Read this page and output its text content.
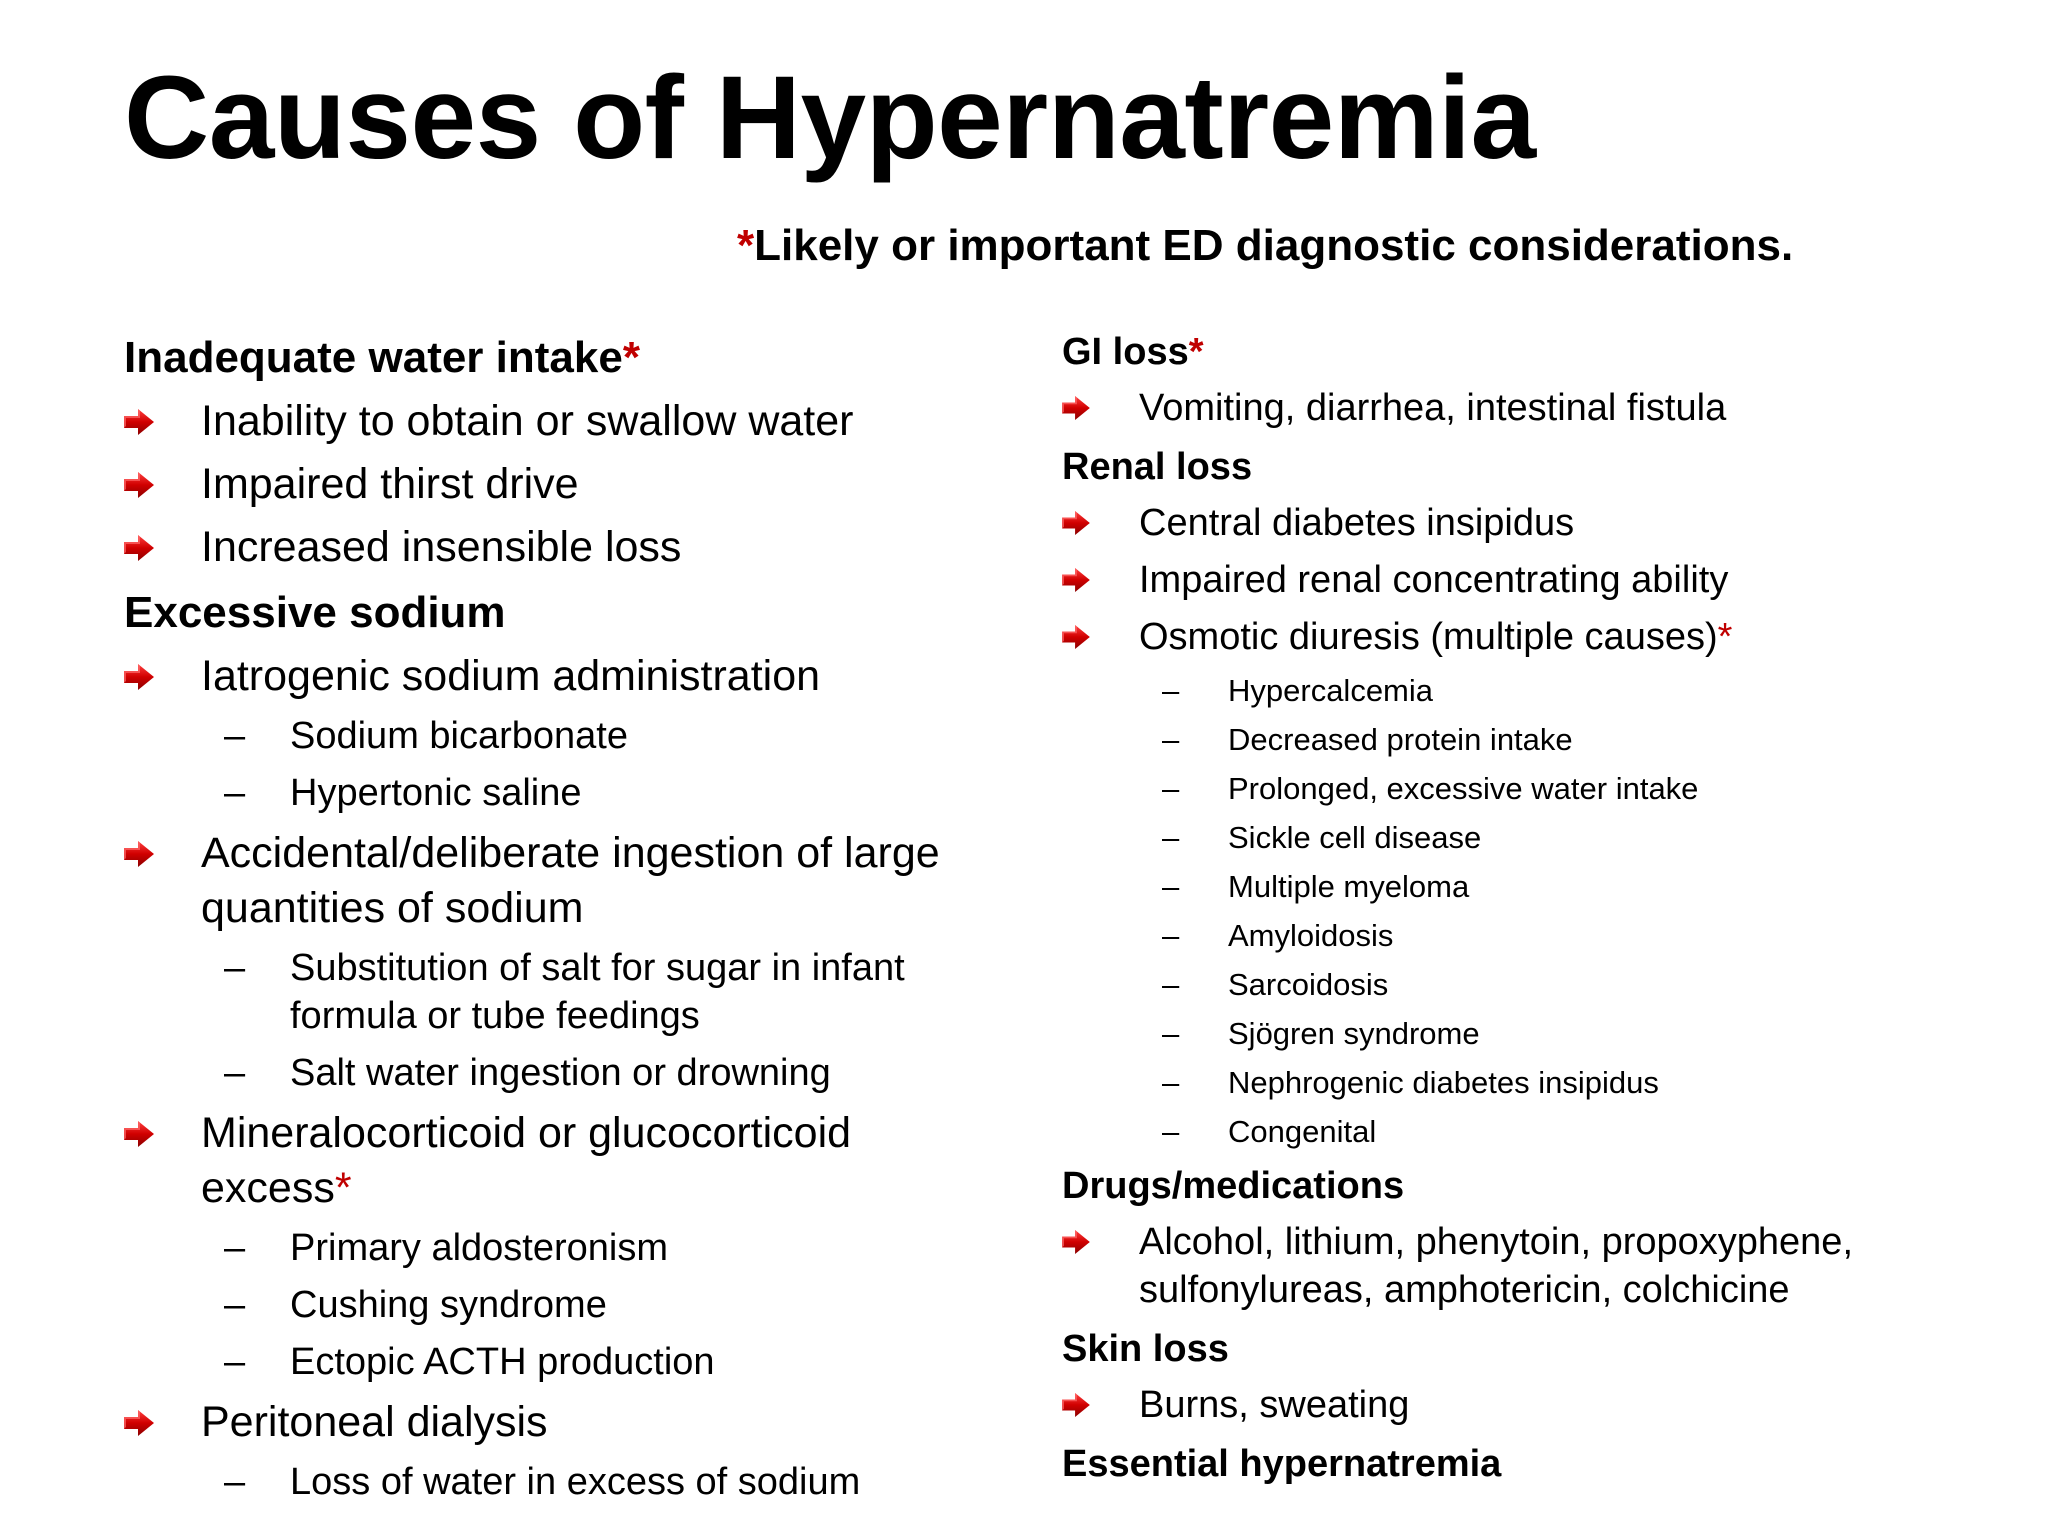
Causes of Hypernatremia
*Likely or important ED diagnostic considerations.

Inadequate water intake*

Inability to obtain or swallow water
Impaired thirst drive
Increased insensible loss

Excessive sodium

Iatrogenic sodium administration
– Sodium bicarbonate
– Hypertonic saline
Accidental/deliberate ingestion of large quantities of sodium
– Substitution of salt for sugar in infant formula or tube feedings
– Salt water ingestion or drowning
Mineralocorticoid or glucocorticoid excess*
– Primary aldosteronism
– Cushing syndrome
– Ectopic ACTH production
Peritoneal dialysis
– Loss of water in excess of sodium

GI loss*

Vomiting, diarrhea, intestinal fistula

Renal loss

Central diabetes insipidus
Impaired renal concentrating ability
Osmotic diuresis (multiple causes)*
– Hypercalcemia
– Decreased protein intake
– Prolonged, excessive water intake
– Sickle cell disease
– Multiple myeloma
– Amyloidosis
– Sarcoidosis
– Sjögren syndrome
– Nephrogenic diabetes insipidus
– Congenital

Drugs/medications

Alcohol, lithium, phenytoin, propoxyphene, sulfonylureas, amphotericin, colchicine

Skin loss

Burns, sweating

Essential hypernatremia
